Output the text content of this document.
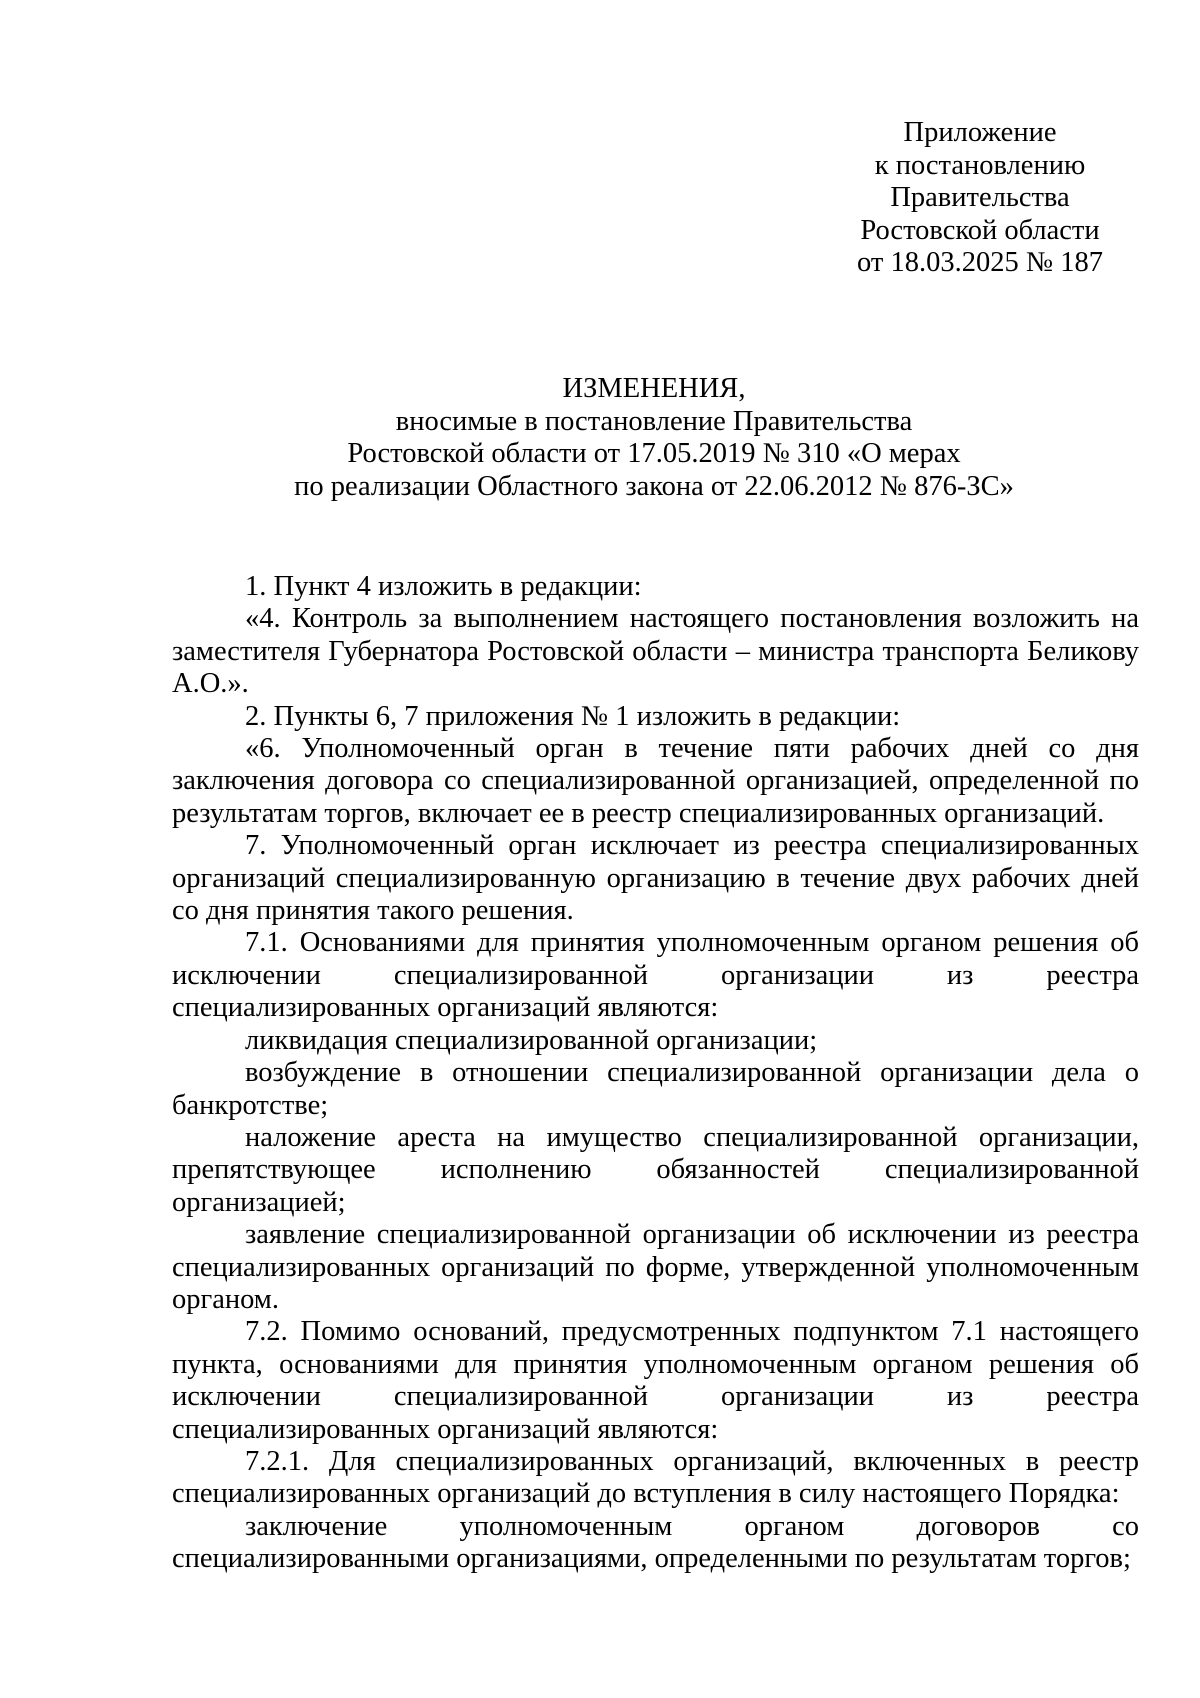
Приложение
к постановлению
Правительства
Ростовской области
от 18.03.2025 № 187
ИЗМЕНЕНИЯ,
вносимые в постановление Правительства
Ростовской области от 17.05.2019 № 310 «О мерах
по реализации Областного закона от 22.06.2012 № 876-ЗС»

1. Пункт 4 изложить в редакции:

«4. Контроль за выполнением настоящего постановления возложить на заместителя Губернатора Ростовской области – министра транспорта Беликову А.О.».

2. Пункты 6, 7 приложения № 1 изложить в редакции:

«6. Уполномоченный орган в течение пяти рабочих дней со дня заключения договора со специализированной организацией, определенной по результатам торгов, включает ее в реестр специализированных организаций.

7. Уполномоченный орган исключает из реестра специализированных организаций специализированную организацию в течение двух рабочих дней со дня принятия такого решения.

7.1. Основаниями для принятия уполномоченным органом решения об исключении специализированной организации из реестра специализированных организаций являются:

ликвидация специализированной организации;

возбуждение в отношении специализированной организации дела о банкротстве;

наложение ареста на имущество специализированной организации, препятствующее исполнению обязанностей специализированной организацией;

заявление специализированной организации об исключении из реестра специализированных организаций по форме, утвержденной уполномоченным органом.

7.2. Помимо оснований, предусмотренных подпунктом 7.1 настоящего пункта, основаниями для принятия уполномоченным органом решения об исключении специализированной организации из реестра специализированных организаций являются:

7.2.1. Для специализированных организаций, включенных в реестр специализированных организаций до вступления в силу настоящего Порядка:

заключение уполномоченным органом договоров со специализированными организациями, определенными по результатам торгов;
